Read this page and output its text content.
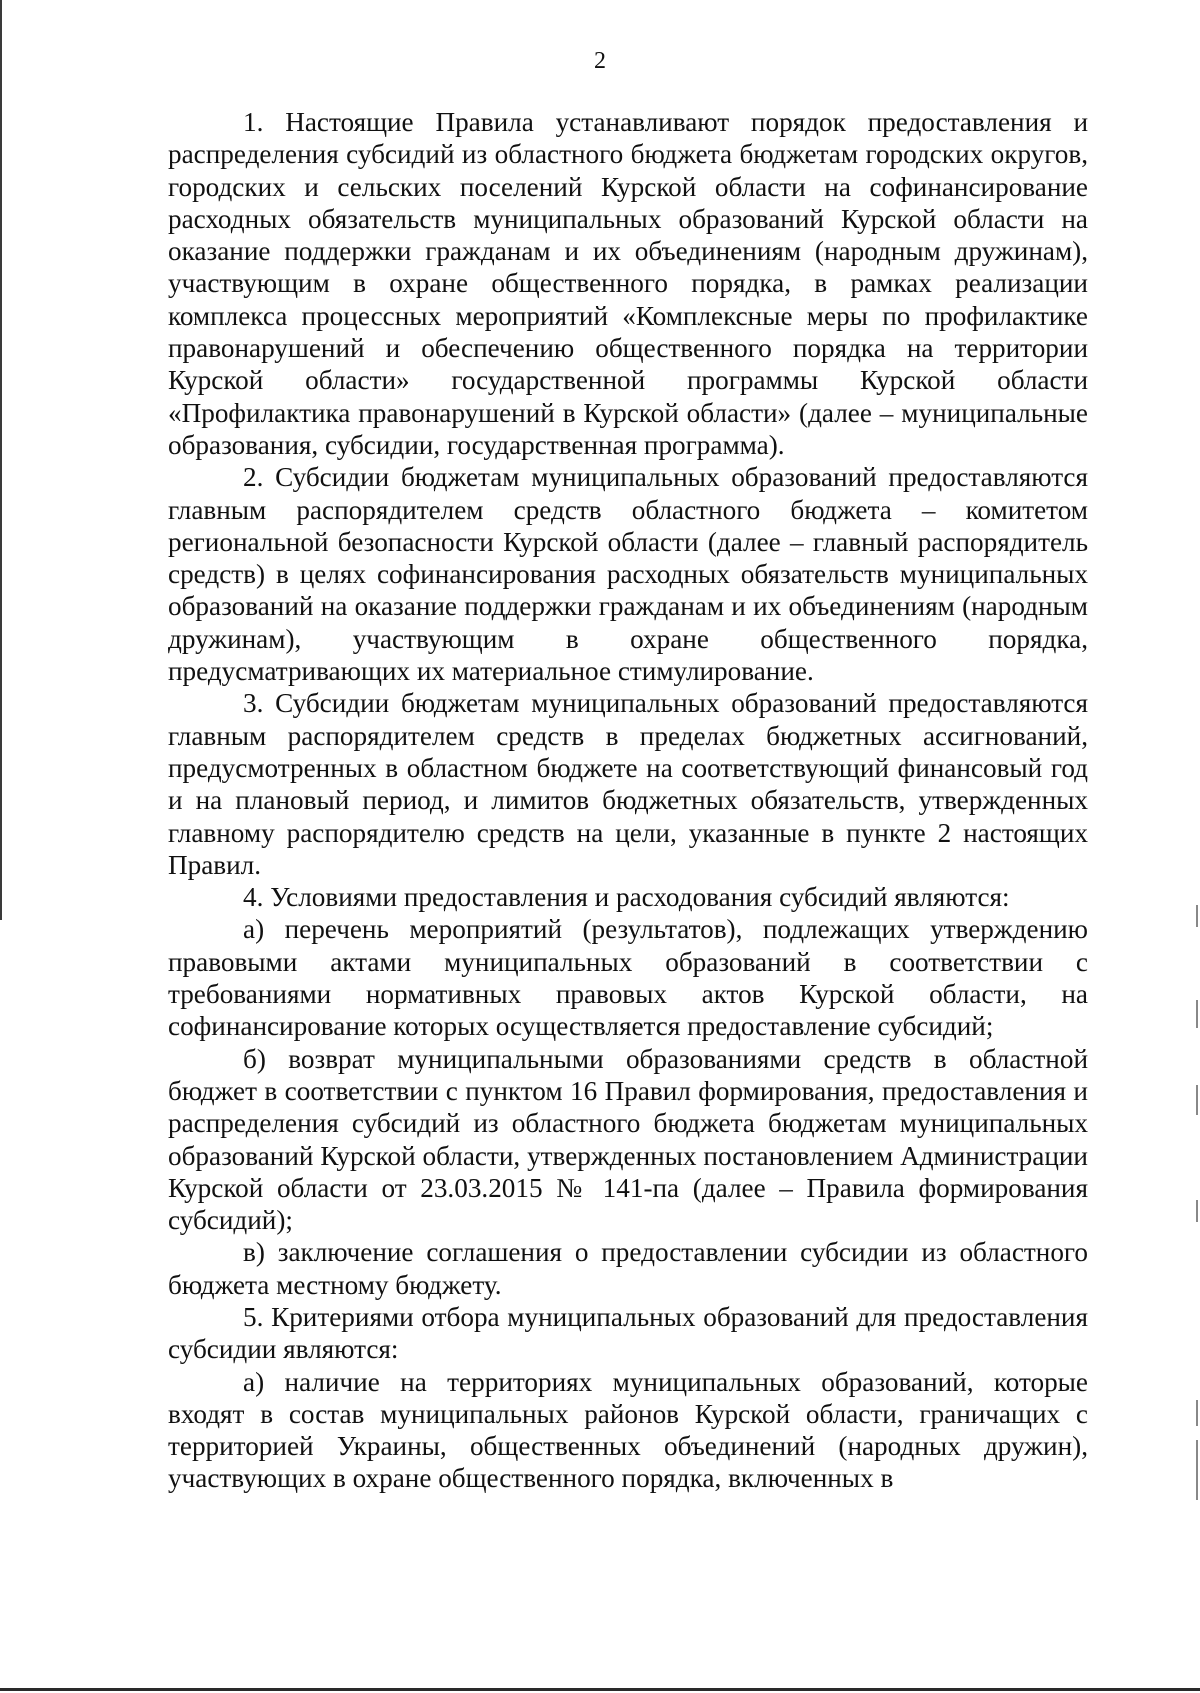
2

1. Настоящие Правила устанавливают порядок предоставления и распределения субсидий из областного бюджета бюджетам городских округов, городских и сельских поселений Курской области на софинансирование расходных обязательств муниципальных образований Курской области на оказание поддержки гражданам и их объединениям (народным дружинам), участвующим в охране общественного порядка, в рамках реализации комплекса процессных мероприятий «Комплексные меры по профилактике правонарушений и обеспечению общественного порядка на территории Курской области» государственной программы Курской области «Профилактика правонарушений в Курской области» (далее – муниципальные образования, субсидии, государственная программа).

2. Субсидии бюджетам муниципальных образований предоставляются главным распорядителем средств областного бюджета – комитетом региональной безопасности Курской области (далее – главный распорядитель средств) в целях софинансирования расходных обязательств муниципальных образований на оказание поддержки гражданам и их объединениям (народным дружинам), участвующим в охране общественного порядка, предусматривающих их материальное стимулирование.

3. Субсидии бюджетам муниципальных образований предоставляются главным распорядителем средств в пределах бюджетных ассигнований, предусмотренных в областном бюджете на соответствующий финансовый год и на плановый период, и лимитов бюджетных обязательств, утвержденных главному распорядителю средств на цели, указанные в пункте 2 настоящих Правил.

4. Условиями предоставления и расходования субсидий являются:

а) перечень мероприятий (результатов), подлежащих утверждению правовыми актами муниципальных образований в соответствии с требованиями нормативных правовых актов Курской области, на софинансирование которых осуществляется предоставление субсидий;

б) возврат муниципальными образованиями средств в областной бюджет в соответствии с пунктом 16 Правил формирования, предоставления и распределения субсидий из областного бюджета бюджетам муниципальных образований Курской области, утвержденных постановлением Администрации Курской области от 23.03.2015 № 141-па (далее – Правила формирования субсидий);

в) заключение соглашения о предоставлении субсидии из областного бюджета местному бюджету.

5. Критериями отбора муниципальных образований для предоставления субсидии являются:

а) наличие на территориях муниципальных образований, которые входят в состав муниципальных районов Курской области, граничащих с территорией Украины, общественных объединений (народных дружин), участвующих в охране общественного порядка, включенных в
